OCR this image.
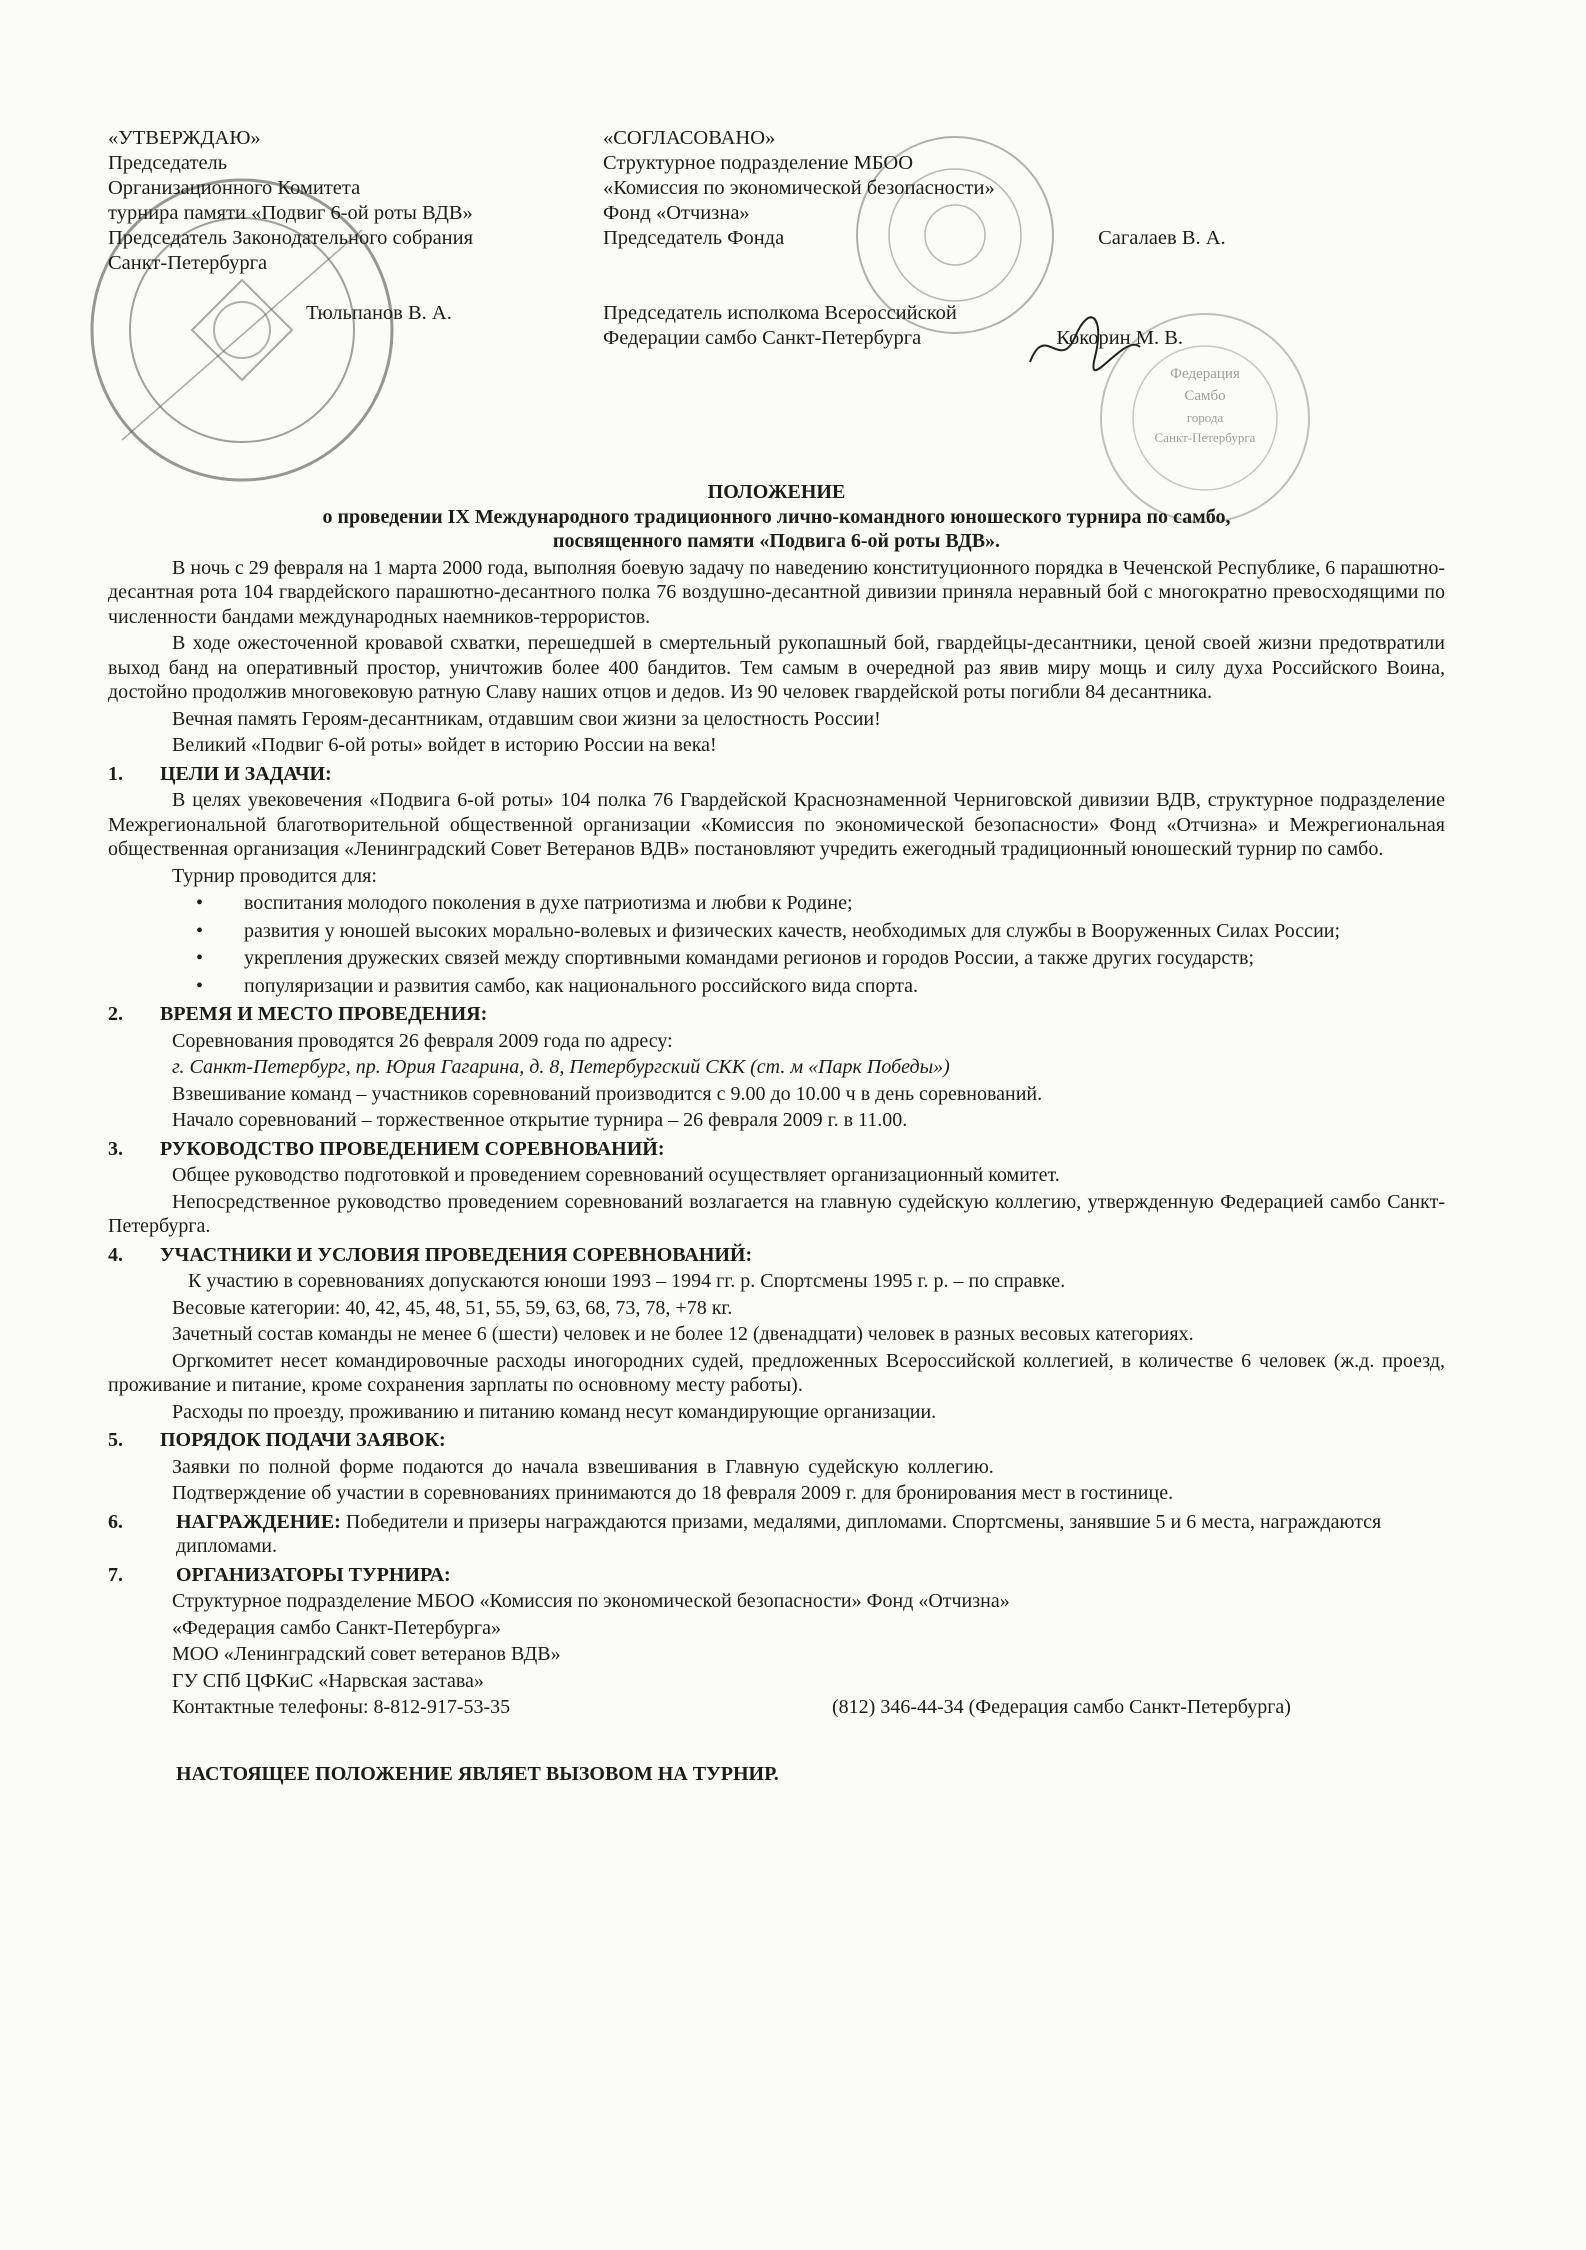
Федерация
Самбо
города
Санкт-Петербурга
«УТВЕРЖДАЮ»
Председатель
Организационного Комитета
турнира памяти «Подвиг 6-ой роты ВДВ»
Председатель Законодательного собрания
Санкт-Петербурга
Тюльпанов В. А.
«СОГЛАСОВАНО»
Структурное подразделение МБОО
«Комиссия по экономической безопасности»
Фонд «Отчизна»
Председатель Фонда	Сагалаев В. А.
Председатель исполкома Всероссийской
Федерации самбо Санкт-Петербурга	Кокорин М. В.
ПОЛОЖЕНИЕ
о проведении IX Международного традиционного лично-командного юношеского турнира по самбо,
посвященного памяти «Подвига 6-ой роты ВДВ».
В ночь с 29 февраля на 1 марта 2000 года, выполняя боевую задачу по наведению конституционного порядка в Чеченской Республике, 6 парашютно-десантная рота 104 гвардейского парашютно-десантного полка 76 воздушно-десантной дивизии приняла неравный бой с многократно превосходящими по численности бандами международных наемников-террористов.
В ходе ожесточенной кровавой схватки, перешедшей в смертельный рукопашный бой, гвардейцы-десантники, ценой своей жизни предотвратили выход банд на оперативный простор, уничтожив более 400 бандитов. Тем самым в очередной раз явив миру мощь и силу духа Российского Воина, достойно продолжив многовековую ратную Славу наших отцов и дедов. Из 90 человек гвардейской роты погибли 84 десантника.
Вечная память Героям-десантникам, отдавшим свои жизни за целостность России!
Великий «Подвиг 6-ой роты» войдет в историю России на века!
1.	ЦЕЛИ И ЗАДАЧИ:
В целях увековечения «Подвига 6-ой роты» 104 полка 76 Гвардейской Краснознаменной Черниговской дивизии ВДВ, структурное подразделение Межрегиональной благотворительной общественной организации «Комиссия по экономической безопасности» Фонд «Отчизна» и Межрегиональная общественная организация «Ленинградский Совет Ветеранов ВДВ» постановляют учредить ежегодный традиционный юношеский турнир по самбо.
Турнир проводится для:
• воспитания молодого поколения в духе патриотизма и любви к Родине;
• развития у юношей высоких морально-волевых и физических качеств, необходимых для службы в Вооруженных Силах России;
• укрепления дружеских связей между спортивными командами регионов и городов России, а также других государств;
• популяризации и развития самбо, как национального российского вида спорта.
2.	ВРЕМЯ И МЕСТО ПРОВЕДЕНИЯ:
Соревнования проводятся 26 февраля 2009 года по адресу:
г. Санкт-Петербург, пр. Юрия Гагарина, д. 8, Петербургский СКК (ст. м «Парк Победы»)
Взвешивание команд – участников соревнований производится с 9.00 до 10.00 ч в день соревнований.
Начало соревнований – торжественное открытие турнира – 26 февраля 2009 г. в 11.00.
3.	РУКОВОДСТВО ПРОВЕДЕНИЕМ СОРЕВНОВАНИЙ:
Общее руководство подготовкой и проведением соревнований осуществляет организационный комитет.
Непосредственное руководство проведением соревнований возлагается на главную судейскую коллегию, утвержденную Федерацией самбо Санкт-Петербурга.
4.	УЧАСТНИКИ И УСЛОВИЯ ПРОВЕДЕНИЯ СОРЕВНОВАНИЙ:
К участию в соревнованиях допускаются юноши 1993 – 1994 гг. р. Спортсмены 1995 г. р. – по справке.
Весовые категории: 40, 42, 45, 48, 51, 55, 59, 63, 68, 73, 78, +78 кг.
Зачетный состав команды не менее 6 (шести) человек и не более 12 (двенадцати) человек в разных весовых категориях.
Оргкомитет несет командировочные расходы иногородних судей, предложенных Всероссийской коллегией, в количестве 6 человек (ж.д. проезд, проживание и питание, кроме сохранения зарплаты по основному месту работы).
Расходы по проезду, проживанию и питанию команд несут командирующие организации.
5.	ПОРЯДОК ПОДАЧИ ЗАЯВОК:
Заявки по полной форме подаются до начала взвешивания в Главную судейскую коллегию.
Подтверждение об участии в соревнованиях принимаются до 18 февраля 2009 г. для бронирования мест в гостинице.
6.	НАГРАЖДЕНИЕ: Победители и призеры награждаются призами, медалями, дипломами. Спортсмены, занявшие 5 и 6 места, награждаются дипломами.
7.	ОРГАНИЗАТОРЫ ТУРНИРА:
Структурное подразделение МБОО «Комиссия по экономической безопасности» Фонд «Отчизна»
«Федерация самбо Санкт-Петербурга»
МОО «Ленинградский совет ветеранов ВДВ»
ГУ СПб ЦФКиС «Нарвская застава»
Контактные телефоны: 8-812-917-53-35	(812) 346-44-34 (Федерация самбо Санкт-Петербурга)
НАСТОЯЩЕЕ ПОЛОЖЕНИЕ ЯВЛЯЕТ ВЫЗОВОМ НА ТУРНИР.
